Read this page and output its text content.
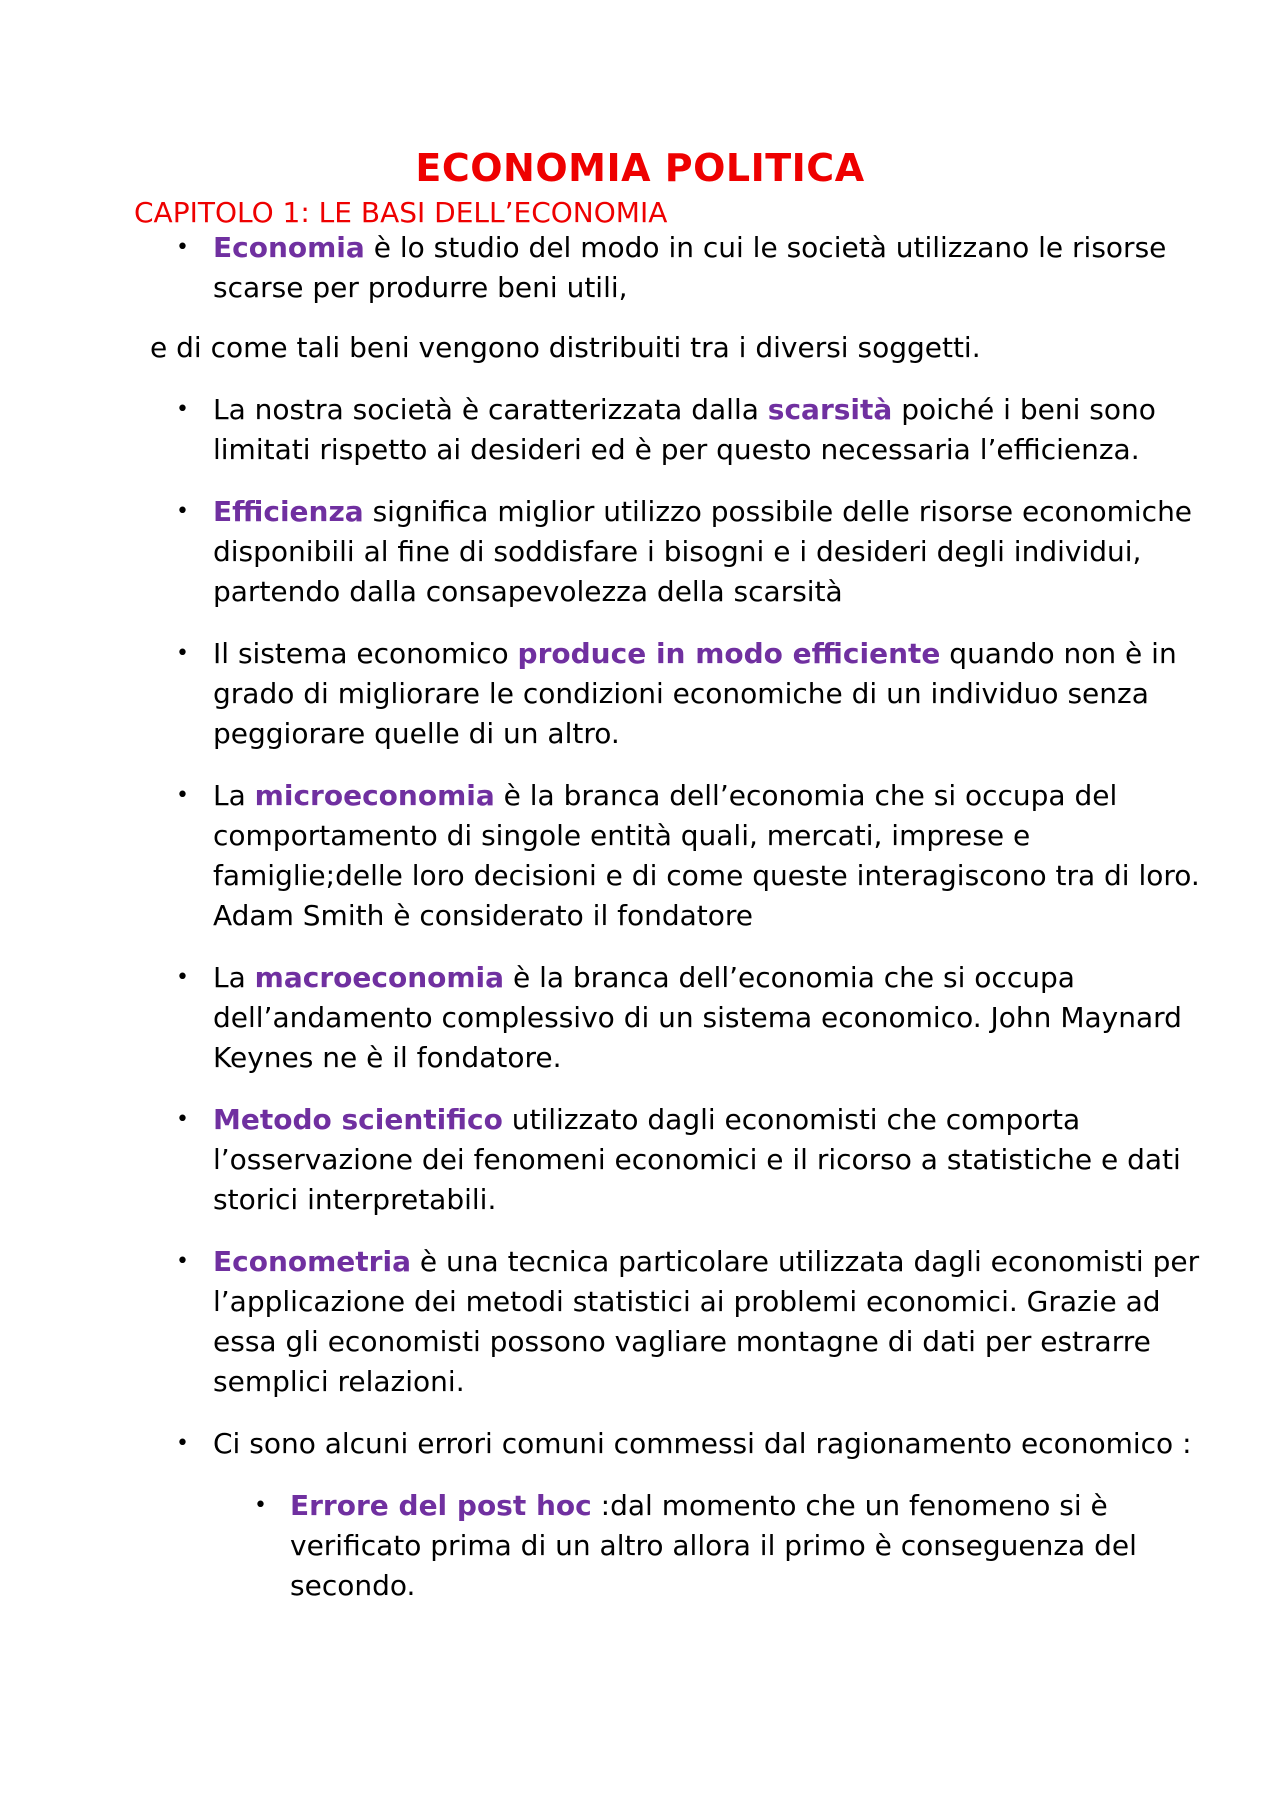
ECONOMIA POLITICA
CAPITOLO 1: LE BASI DELL’ECONOMIA
• Economia è lo studio del modo in cui le società utilizzano le risorse
scarse per produrre beni utili,
e di come tali beni vengono distribuiti tra i diversi soggetti.
• La nostra società è caratterizzata dalla scarsità poiché i beni sono
limitati rispetto ai desideri ed è per questo necessaria l’efficienza.
• Efficienza significa miglior utilizzo possibile delle risorse economiche
disponibili al fine di soddisfare i bisogni e i desideri degli individui,
partendo dalla consapevolezza della scarsità
• Il sistema economico produce in modo efficiente quando non è in
grado di migliorare le condizioni economiche di un individuo senza
peggiorare quelle di un altro.
• La microeconomia è la branca dell’economia che si occupa del
comportamento di singole entità quali, mercati, imprese e
famiglie;delle loro decisioni e di come queste interagiscono tra di loro.
Adam Smith è considerato il fondatore
• La macroeconomia è la branca dell’economia che si occupa
dell’andamento complessivo di un sistema economico. John Maynard
Keynes ne è il fondatore.
• Metodo scientifico utilizzato dagli economisti che comporta
l’osservazione dei fenomeni economici e il ricorso a statistiche e dati
storici interpretabili.
• Econometria è una tecnica particolare utilizzata dagli economisti per
l’applicazione dei metodi statistici ai problemi economici. Grazie ad
essa gli economisti possono vagliare montagne di dati per estrarre
semplici relazioni.
• Ci sono alcuni errori comuni commessi dal ragionamento economico :
• Errore del post hoc :dal momento che un fenomeno si è
verificato prima di un altro allora il primo è conseguenza del
secondo.
